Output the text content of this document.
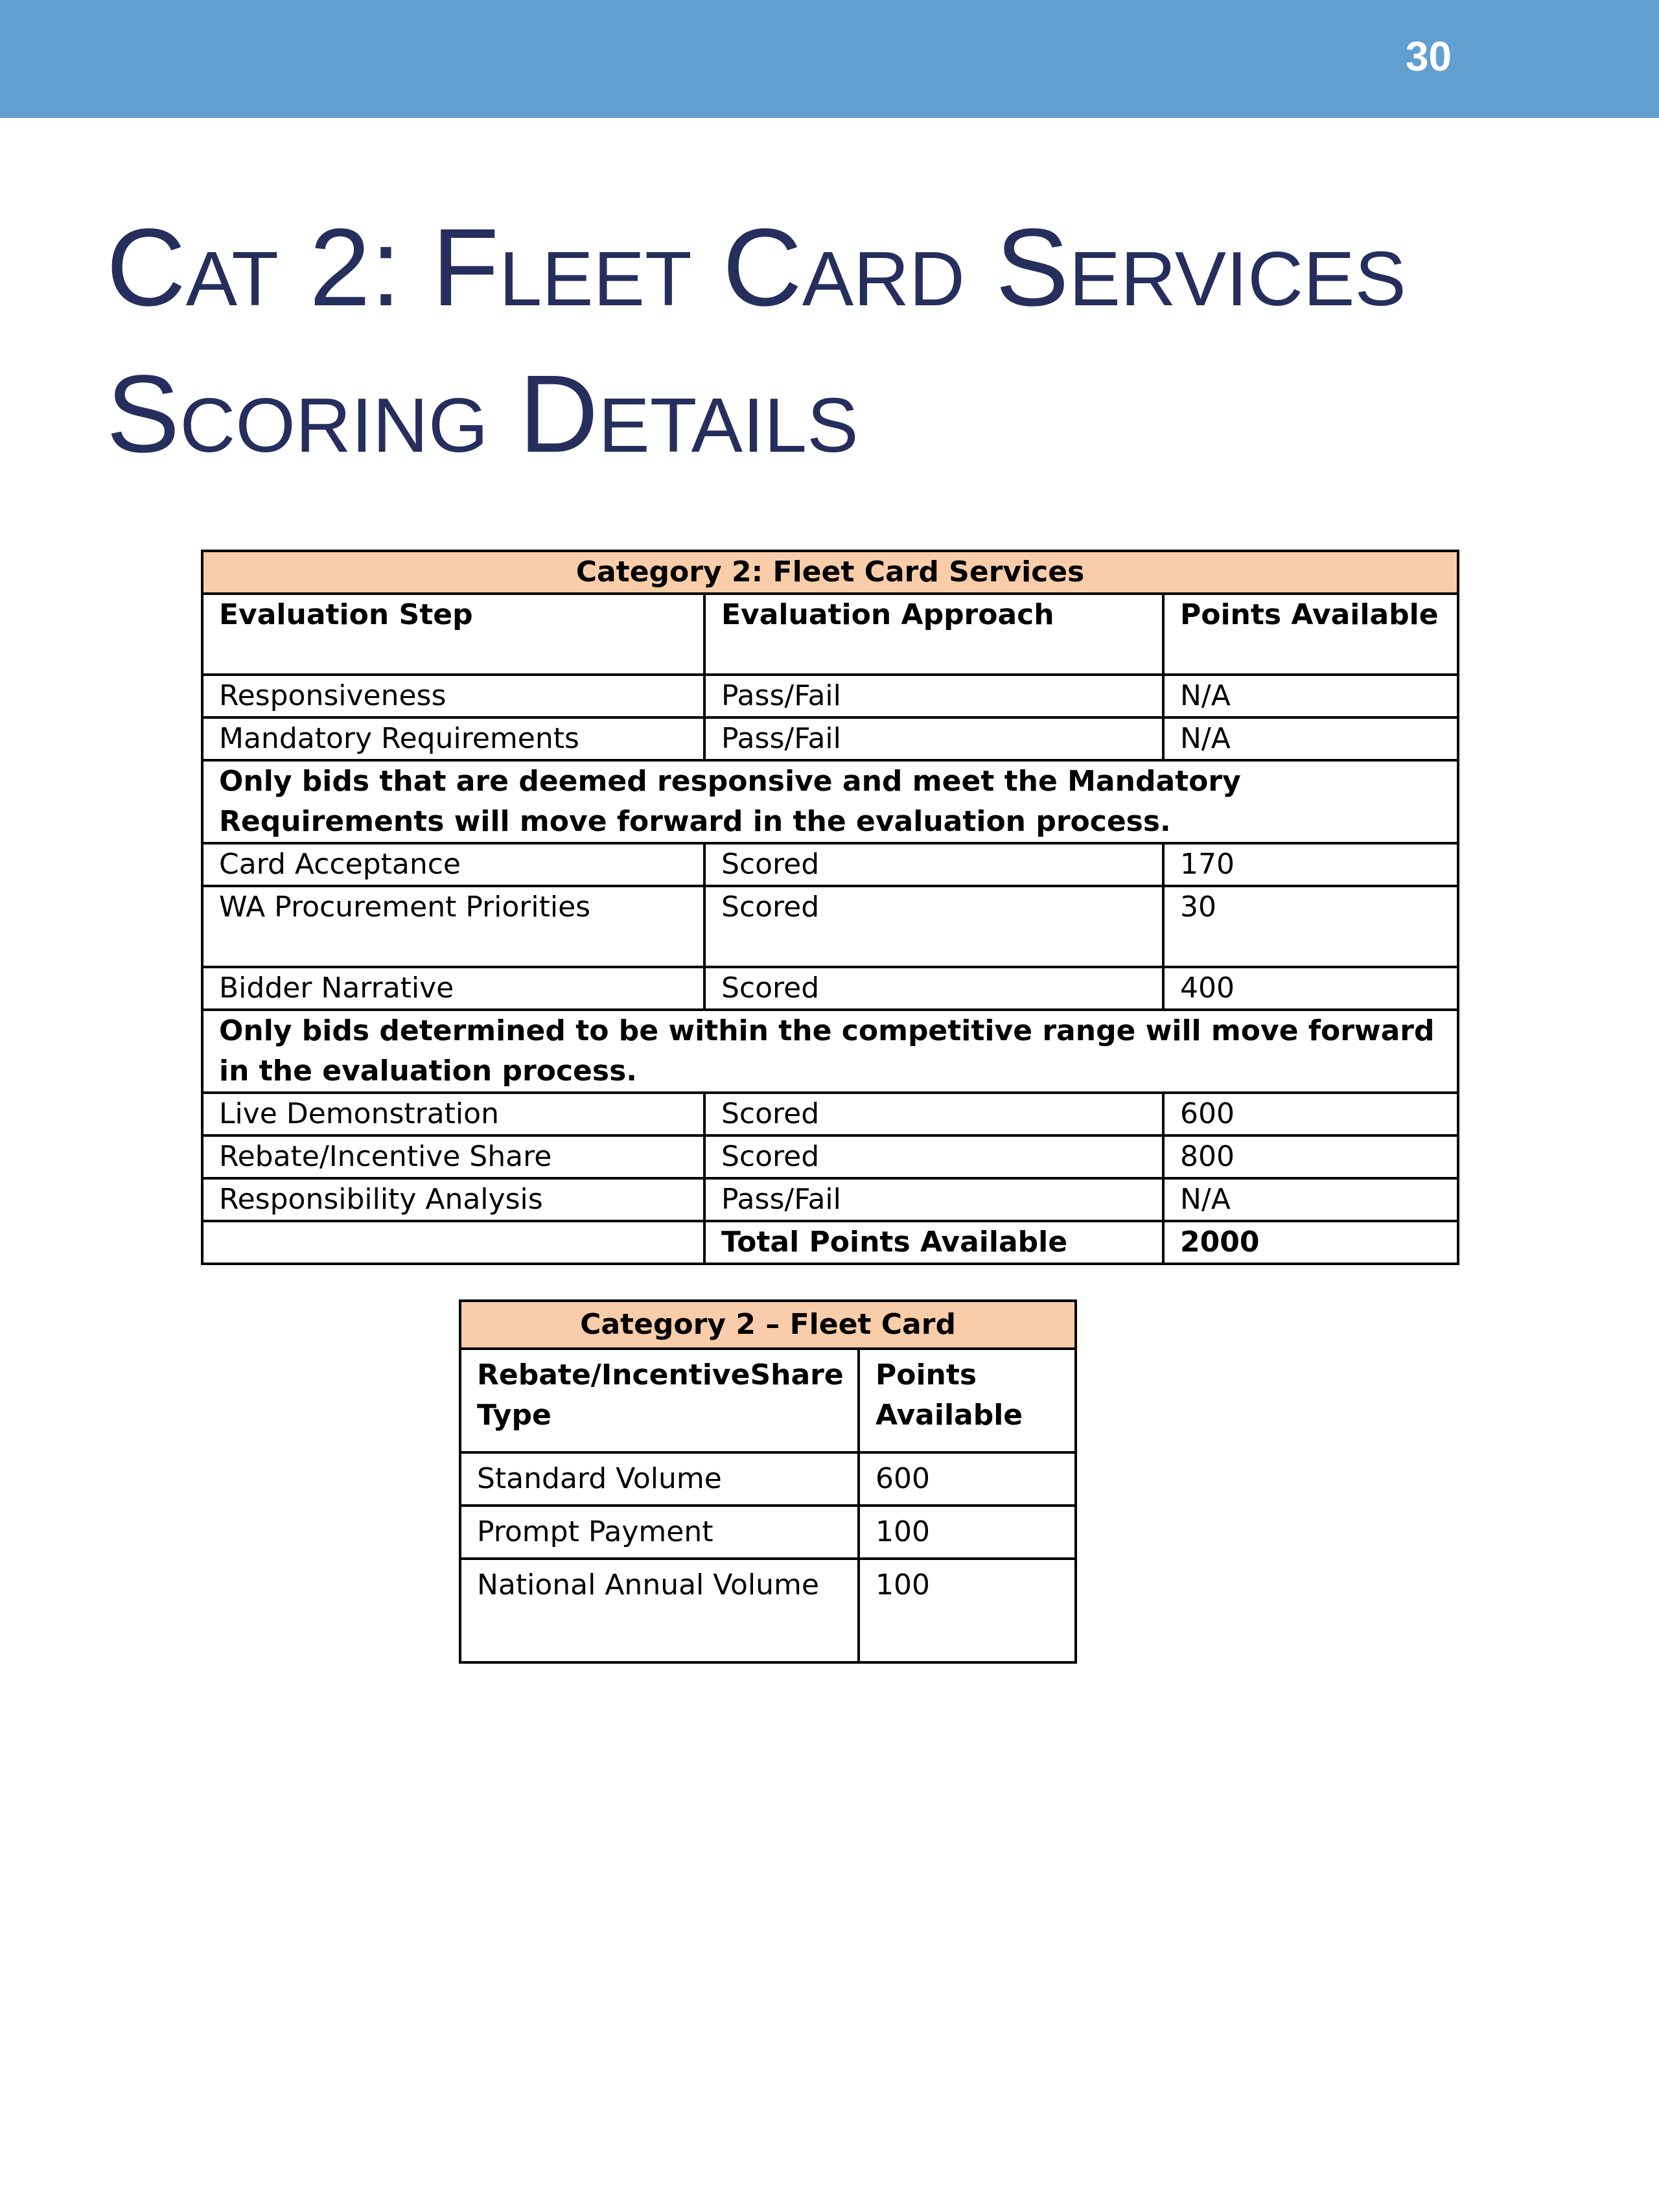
30
Cat 2: Fleet Card Services
Scoring Details
Category 2: Fleet Card Services		
Evaluation Step	Evaluation Approach	Points Available
Responsiveness	Pass/Fail	N/A
Mandatory Requirements	Pass/Fail	N/A
Only bids that are deemed responsive and meet the Mandatory Requirements will move forward in the evaluation process.		
Card Acceptance	Scored	170
WA Procurement Priorities	Scored	30
Bidder Narrative	Scored	400
Only bids determined to be within the competitive range will move forward in the evaluation process.		
Live Demonstration	Scored	600
Rebate/Incentive Share	Scored	800
Responsibility Analysis	Pass/Fail	N/A
	Total Points Available	2000
Category 2 – Fleet Card	

Rebate/Incentive Share
Type	Points Available
Standard Volume	600
Prompt Payment	100
National Annual Volume	100
